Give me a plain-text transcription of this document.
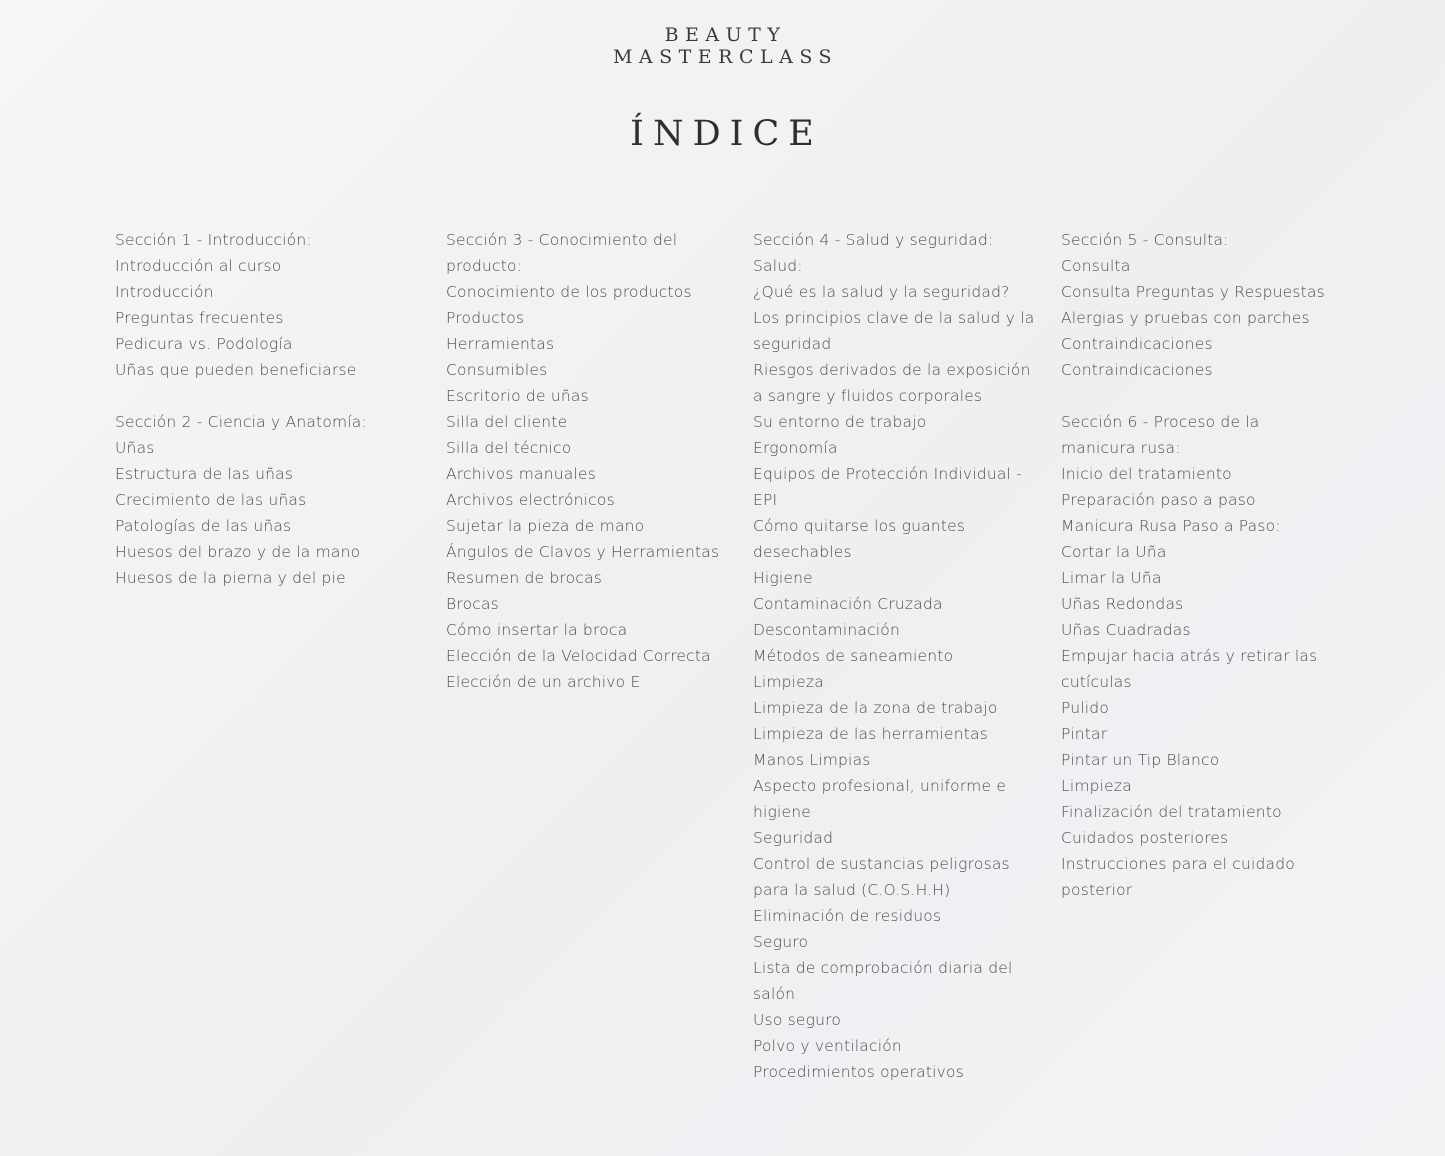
BEAUTY
MASTERCLASS
ÍNDICE
Sección 1 - Introducción:
Introducción al curso
Introducción
Preguntas frecuentes
Pedicura vs. Podología
Uñas que pueden beneficiarse
Sección 2 - Ciencia y Anatomía:
Uñas
Estructura de las uñas
Crecimiento de las uñas
Patologías de las uñas
Huesos del brazo y de la mano
Huesos de la pierna y del pie
Sección 3 - Conocimiento del producto:
Conocimiento de los productos
Productos
Herramientas
Consumibles
Escritorio de uñas
Silla del cliente
Silla del técnico
Archivos manuales
Archivos electrónicos
Sujetar la pieza de mano
Ángulos de Clavos y Herramientas
Resumen de brocas
Brocas
Cómo insertar la broca
Elección de la Velocidad Correcta
Elección de un archivo E
Sección 4 - Salud y seguridad:
Salud:
¿Qué es la salud y la seguridad?
Los principios clave de la salud y la seguridad
Riesgos derivados de la exposición a sangre y fluidos corporales
Su entorno de trabajo
Ergonomía
Equipos de Protección Individual - EPI
Cómo quitarse los guantes desechables
Higiene
Contaminación Cruzada
Descontaminación
Métodos de saneamiento
Limpieza
Limpieza de la zona de trabajo
Limpieza de las herramientas
Manos Limpias
Aspecto profesional, uniforme e higiene
Seguridad
Control de sustancias peligrosas para la salud (C.O.S.H.H)
Eliminación de residuos
Seguro
Lista de comprobación diaria del salón
Uso seguro
Polvo y ventilación
Procedimientos operativos
Sección 5 - Consulta:
Consulta
Consulta Preguntas y Respuestas
Alergias y pruebas con parches
Contraindicaciones
Contraindicaciones
Sección 6 - Proceso de la manicura rusa:
Inicio del tratamiento
Preparación paso a paso
Manicura Rusa Paso a Paso:
Cortar la Uña
Limar la Uña
Uñas Redondas
Uñas Cuadradas
Empujar hacia atrás y retirar las cutículas
Pulido
Pintar
Pintar un Tip Blanco
Limpieza
Finalización del tratamiento
Cuidados posteriores
Instrucciones para el cuidado posterior
